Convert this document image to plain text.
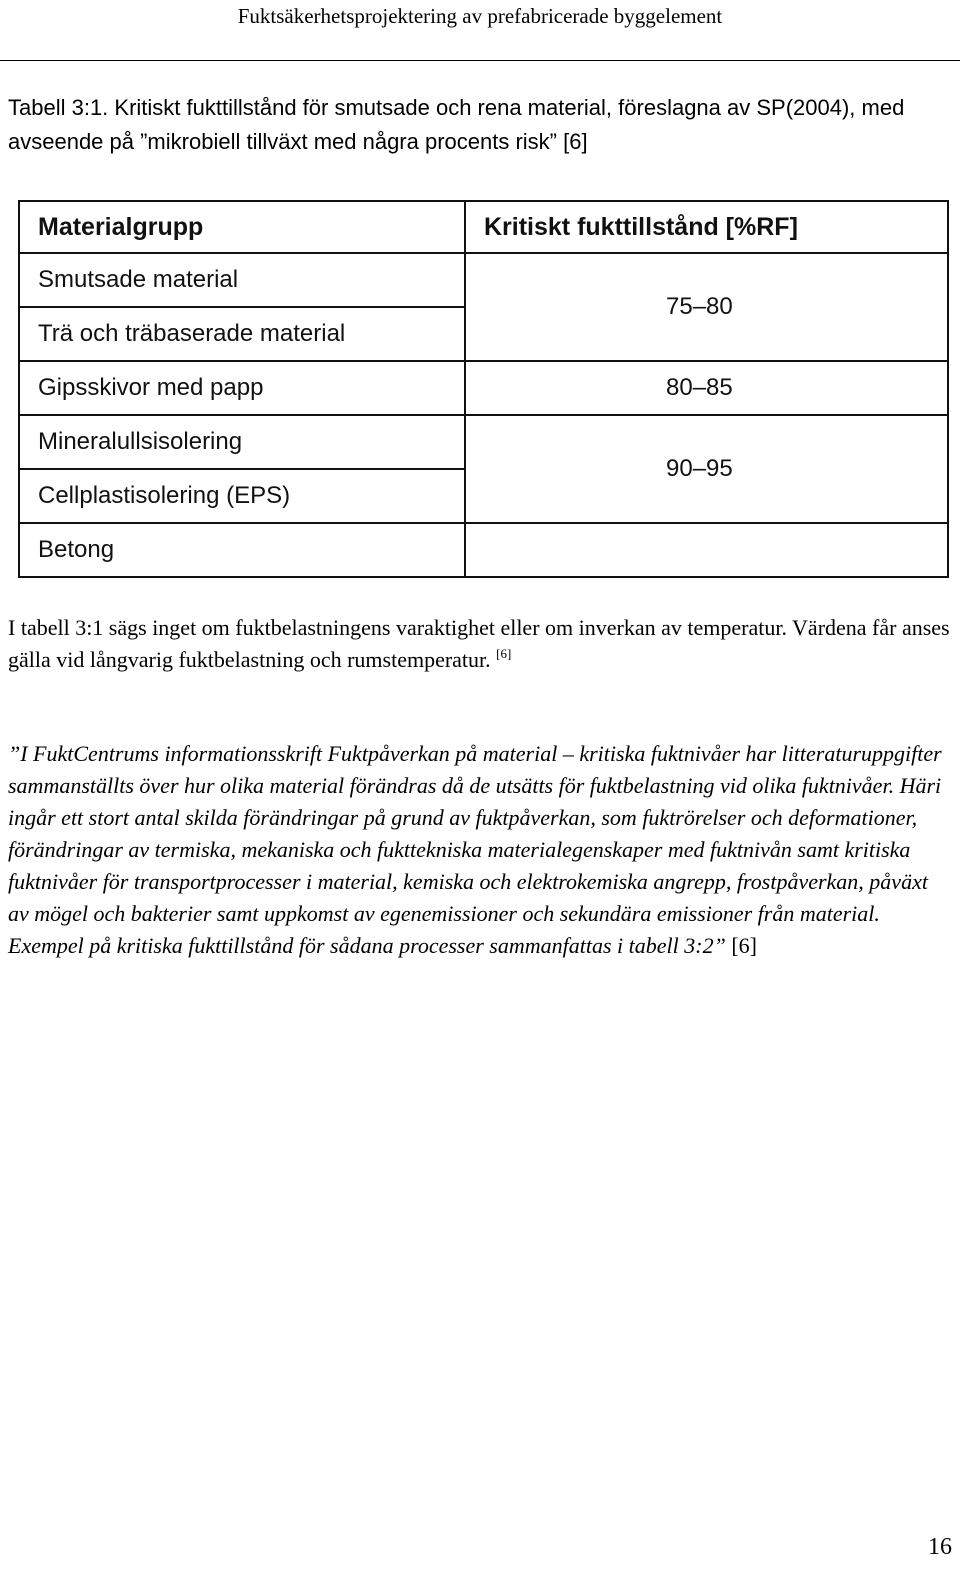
Fuktsäkerhetsprojektering av prefabricerade byggelement
Tabell 3:1. Kritiskt fukttillstånd för smutsade och rena material, föreslagna av SP(2004), med avseende på ”mikrobiell tillväxt med några procents risk” [6]
Materialgrupp	Kritiskt fukttillstånd [%RF]
Smutsade material	75–80
Trä och träbaserade material	
Gipsskivor med papp	80–85
Mineralullsisolering	90–95
Cellplastisolering (EPS)	
Betong	
I tabell 3:1 sägs inget om fuktbelastningens varaktighet eller om inverkan av temperatur. Värdena får anses gälla vid långvarig fuktbelastning och rumstemperatur. [6]
”I FuktCentrums informationsskrift Fuktpåverkan på material – kritiska fuktnivåer har litteraturuppgifter sammanställts över hur olika material förändras då de utsätts för fuktbelastning vid olika fuktnivåer. Häri ingår ett stort antal skilda förändringar på grund av fuktpåverkan, som fuktrörelser och deformationer, förändringar av termiska, mekaniska och fukttekniska materialegenskaper med fuktnivån samt kritiska fuktnivåer för transportprocesser i material, kemiska och elektrokemiska angrepp, frostpåverkan, påväxt av mögel och bakterier samt uppkomst av egenemissioner och sekundära emissioner från material. Exempel på kritiska fukttillstånd för sådana processer sammanfattas i tabell 3:2” [6]
16
